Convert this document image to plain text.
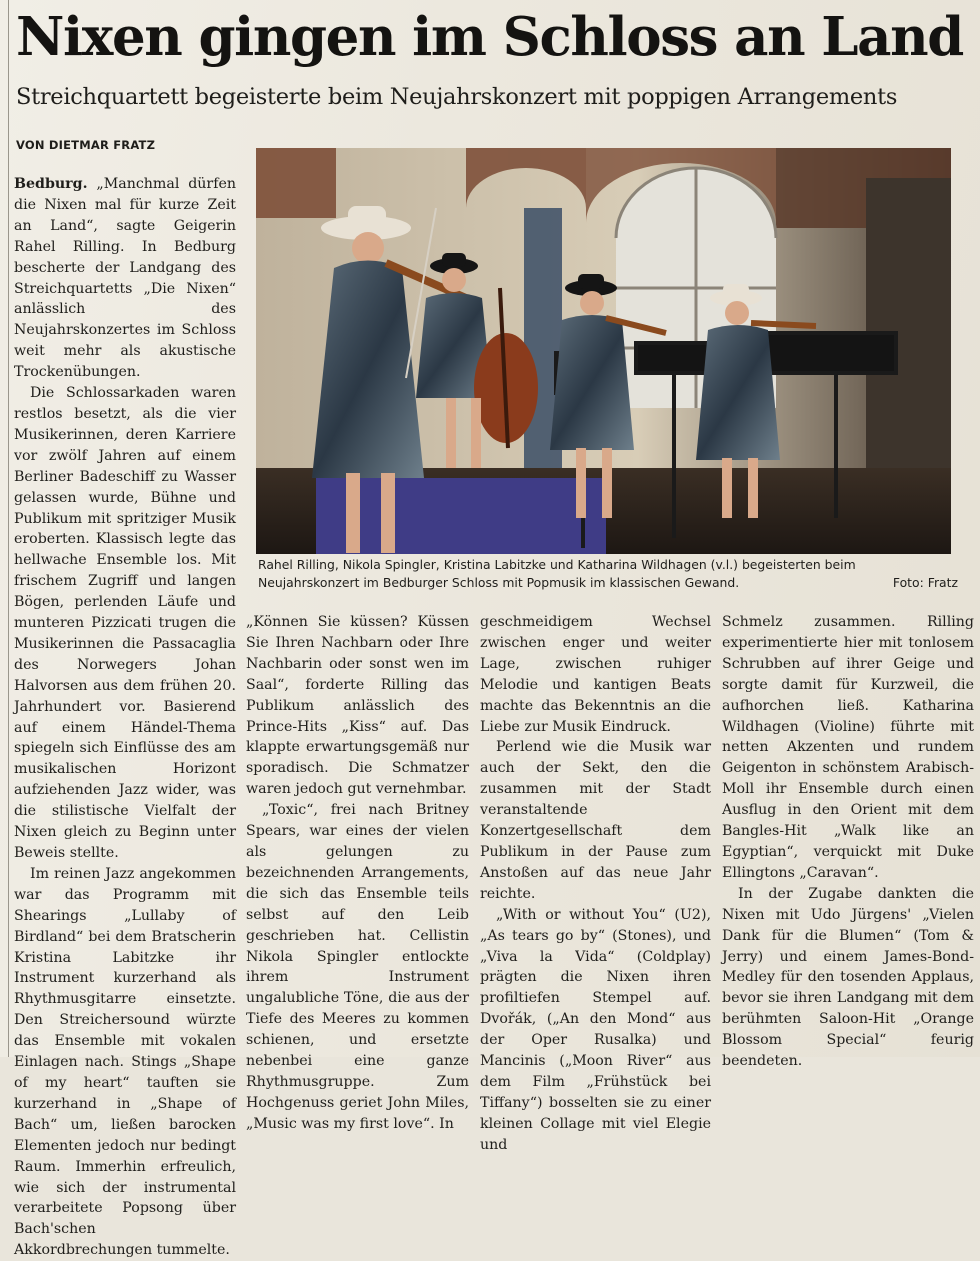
Nixen gingen im Schloss an Land
Streichquartett begeisterte beim Neujahrskonzert mit poppigen Arrangements
VON DIETMAR FRATZ

Bedburg. „Manchmal dürfen die Nixen mal für kurze Zeit an Land“, sagte Geigerin Rahel Rilling. In Bedburg bescherte der Landgang des Streichquartetts „Die Nixen“ anlässlich des Neujahrskonzertes im Schloss weit mehr als akustische Trockenübungen.

Die Schlossarkaden waren restlos besetzt, als die vier Musikerinnen, deren Karriere vor zwölf Jahren auf einem Berliner Badeschiff zu Wasser gelassen wurde, Bühne und Publikum mit spritziger Musik eroberten. Klassisch legte das hellwache Ensemble los. Mit frischem Zugriff und langen Bögen, perlenden Läufe und munteren Pizzicati trugen die Musikerinnen die Passacaglia des Norwegers Johan Halvorsen aus dem frühen 20. Jahrhundert vor. Basierend auf einem Händel-Thema spiegeln sich Einflüsse des am musikalischen Horizont aufziehenden Jazz wider, was die stilistische Vielfalt der Nixen gleich zu Beginn unter Beweis stellte.

Im reinen Jazz angekommen war das Programm mit Shearings „Lullaby of Birdland“ bei dem Bratscherin Kristina Labitzke ihr Instrument kurzerhand als Rhythmusgitarre einsetzte. Den Streichersound würzte das Ensemble mit vokalen Einlagen nach. Stings „Shape of my heart“ tauften sie kurzerhand in „Shape of Bach“ um, ließen barocken Elementen jedoch nur bedingt Raum. Immerhin erfreulich, wie sich der instrumental verarbeitete Popsong über Bach'schen Akkordbrechungen tummelte.

Rahel Rilling, Nikola Spingler, Kristina Labitzke und Katharina Wildhagen (v.l.) begeisterten beim Neujahrskonzert im Bedburger Schloss mit Popmusik im klassischen Gewand.	Foto: Fratz

„Können Sie küssen? Küssen Sie Ihren Nachbarn oder Ihre Nachbarin oder sonst wen im Saal“, forderte Rilling das Publikum anlässlich des Prince-Hits „Kiss“ auf. Das klappte erwartungsgemäß nur sporadisch. Die Schmatzer waren jedoch gut vernehmbar.

„Toxic“, frei nach Britney Spears, war eines der vielen als gelungen zu bezeichnenden Arrangements, die sich das Ensemble teils selbst auf den Leib geschrieben hat. Cellistin Nikola Spingler entlockte ihrem Instrument ungalubliche Töne, die aus der Tiefe des Meeres zu kommen schienen, und ersetzte nebenbei eine ganze Rhythmusgruppe. Zum Hochgenuss geriet John Miles, „Music was my first love“. In

geschmeidigem Wechsel zwischen enger und weiter Lage, zwischen ruhiger Melodie und kantigen Beats machte das Bekenntnis an die Liebe zur Musik Eindruck.

Perlend wie die Musik war auch der Sekt, den die zusammen mit der Stadt veranstaltende Konzertgesellschaft dem Publikum in der Pause zum Anstoßen auf das neue Jahr reichte.

„With or without You“ (U2), „As tears go by“ (Stones), und „Viva la Vida“ (Coldplay) prägten die Nixen ihren profiltiefen Stempel auf. Dvořák, („An den Mond“ aus der Oper Rusalka) und Mancinis („Moon River“ aus dem Film „Frühstück bei Tiffany“) bosselten sie zu einer kleinen Collage mit viel Elegie und

Schmelz zusammen. Rilling experimentierte hier mit tonlosem Schrubben auf ihrer Geige und sorgte damit für Kurzweil, die aufhorchen ließ. Katharina Wildhagen (Violine) führte mit netten Akzenten und rundem Geigenton in schönstem Arabisch-Moll ihr Ensemble durch einen Ausflug in den Orient mit dem Bangles-Hit „Walk like an Egyptian“, verquickt mit Duke Ellingtons „Caravan“.

In der Zugabe dankten die Nixen mit Udo Jürgens' „Vielen Dank für die Blumen“ (Tom & Jerry) und einem James-Bond-Medley für den tosenden Applaus, bevor sie ihren Landgang mit dem berühmten Saloon-Hit „Orange Blossom Special“ feurig beendeten.
